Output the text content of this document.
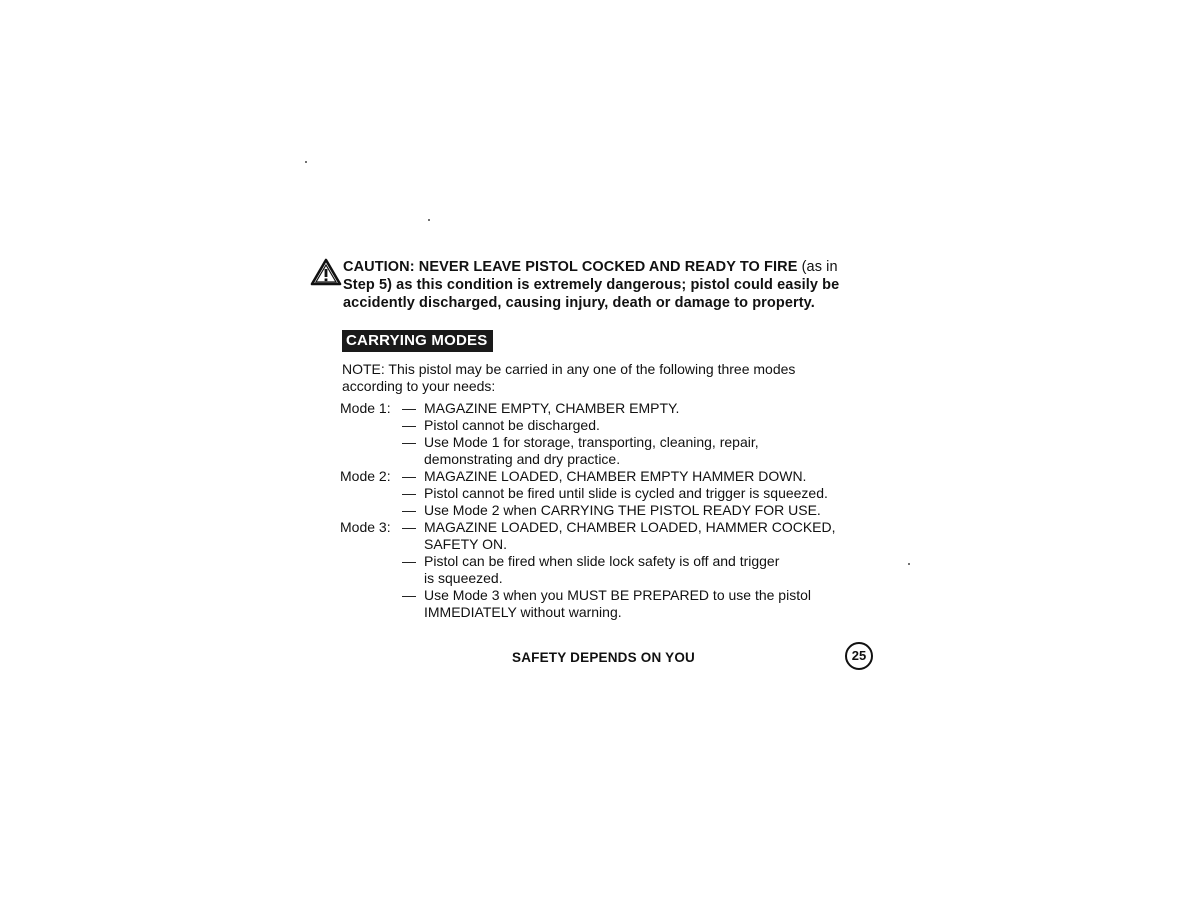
CAUTION: NEVER LEAVE PISTOL COCKED AND READY TO FIRE (as in
Step 5) as this condition is extremely dangerous; pistol could easily be
accidently discharged, causing injury, death or damage to property.

CARRYING MODES

NOTE: This pistol may be carried in any one of the following three modes
according to your needs:

Mode 1: — MAGAZINE EMPTY, CHAMBER EMPTY.
— Pistol cannot be discharged.
— Use Mode 1 for storage, transporting, cleaning, repair,
demonstrating and dry practice.
Mode 2: — MAGAZINE LOADED, CHAMBER EMPTY HAMMER DOWN.
— Pistol cannot be fired until slide is cycled and trigger is squeezed.
— Use Mode 2 when CARRYING THE PISTOL READY FOR USE.
Mode 3: — MAGAZINE LOADED, CHAMBER LOADED, HAMMER COCKED,
SAFETY ON.
— Pistol can be fired when slide lock safety is off and trigger
is squeezed.
— Use Mode 3 when you MUST BE PREPARED to use the pistol
IMMEDIATELY without warning.
SAFETY DEPENDS ON YOU	25
